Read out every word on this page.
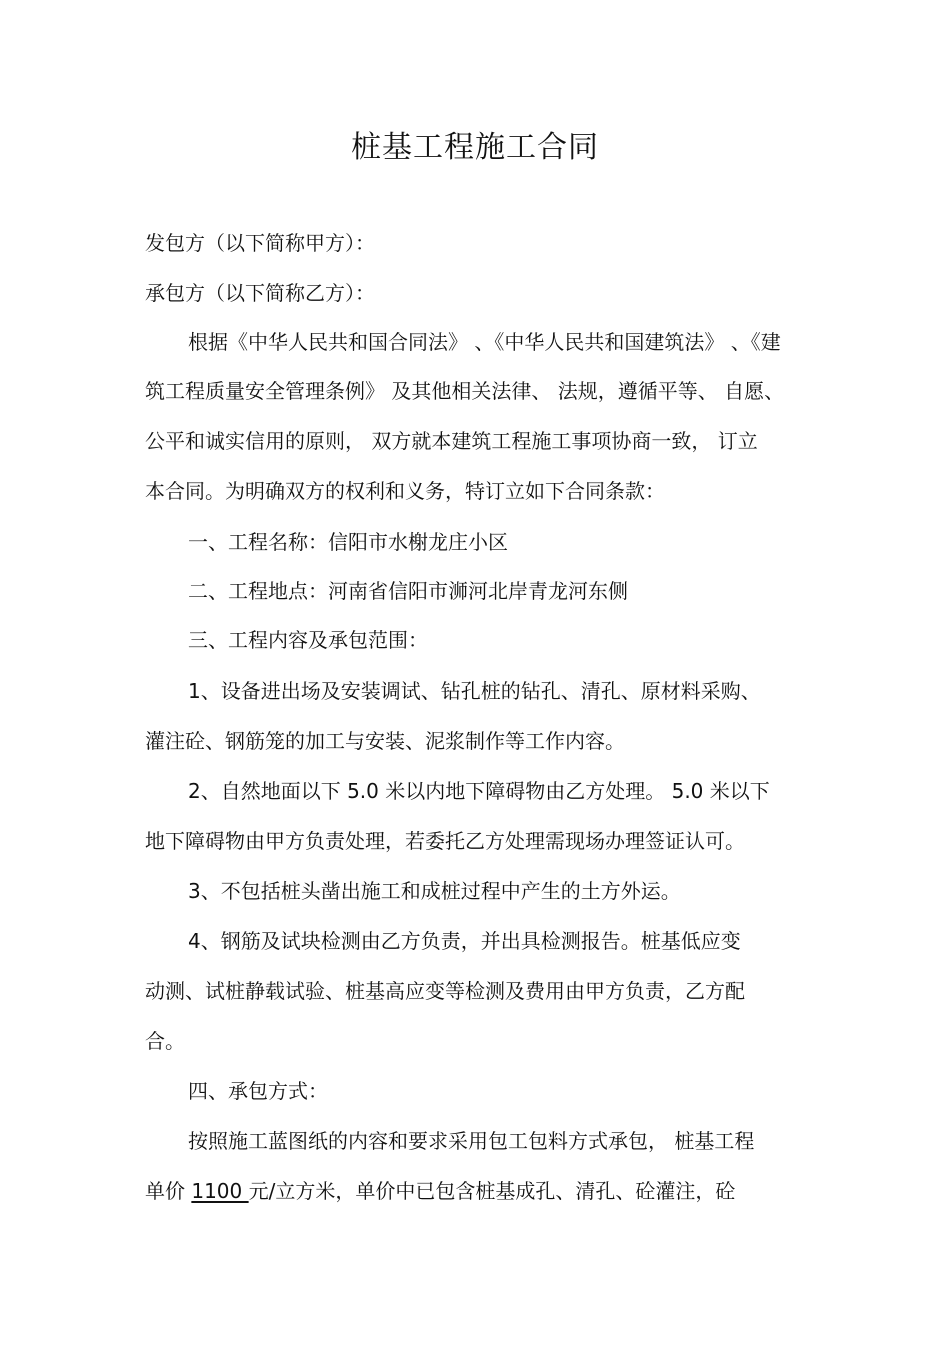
桩基工程施工合同
发包方（以下简称甲方）：
承包方（以下简称乙方）：
根据《中华人民共和国合同法》 、《中华人民共和国建筑法》 、《建
筑工程质量安全管理条例》 及其他相关法律、 法规，遵循平等、 自愿、
公平和诚实信用的原则， 双方就本建筑工程施工事项协商一致， 订立
本合同。为明确双方的权利和义务，特订立如下合同条款：
一、工程名称：信阳市水榭龙庄小区
二、工程地点：河南省信阳市浉河北岸青龙河东侧
三、工程内容及承包范围：
1、设备进出场及安装调试、钻孔桩的钻孔、清孔、原材料采购、
灌注砼、钢筋笼的加工与安装、泥浆制作等工作内容。
2、自然地面以下 5.0 米以内地下障碍物由乙方处理。 5.0 米以下
地下障碍物由甲方负责处理，若委托乙方处理需现场办理签证认可。
3、不包括桩头凿出施工和成桩过程中产生的土方外运。
4、钢筋及试块检测由乙方负责，并出具检测报告。桩基低应变
动测、试桩静载试验、桩基高应变等检测及费用由甲方负责，乙方配
合。
四、承包方式：
按照施工蓝图纸的内容和要求采用包工包料方式承包， 桩基工程
单价 1100 元/立方米，单价中已包含桩基成孔、清孔、砼灌注，砼
